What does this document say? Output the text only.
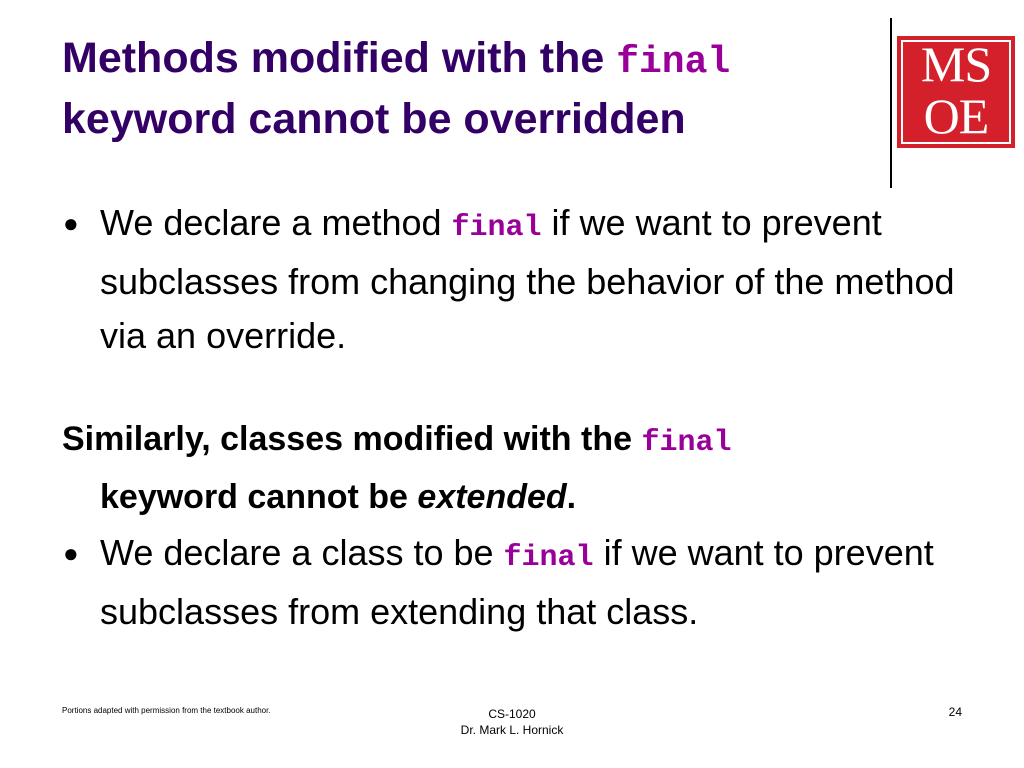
Methods modified with the final keyword cannot be overridden
MS
OE
● We declare a method final if we want to prevent subclasses from changing the behavior of the method via an override.
Similarly, classes modified with the final
keyword cannot be extended.
● We declare a class to be final if we want to prevent subclasses from extending that class.
Portions adapted with permission from the textbook author.	CS-1020
Dr. Mark L. Hornick
24
